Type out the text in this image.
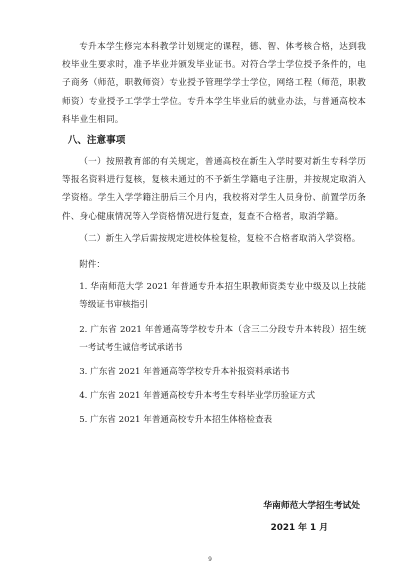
专升本学生修完本科教学计划规定的课程，德、智、体考核合格，达到我校毕业生要求时，准予毕业并颁发毕业证书。对符合学士学位授予条件的，电子商务（师范，职教师资）专业授予管理学学士学位，网络工程（师范，职教师资）专业授予工学学士学位。专升本学生毕业后的就业办法，与普通高校本科毕业生相同。

八、注意事项

（一）按照教育部的有关规定，普通高校在新生入学时要对新生专科学历等报名资料进行复核，复核未通过的不予新生学籍电子注册，并按规定取消入学资格。学生入学学籍注册后三个月内，我校将对学生人员身份、前置学历条件、身心健康情况等入学资格情况进行复查，复查不合格者，取消学籍。

（二）新生入学后需按规定进校体检复检，复检不合格者取消入学资格。

附件：

1. 华南师范大学 2021 年普通专升本招生职教师资类专业中级及以上技能等级证书审核指引

2. 广东省 2021 年普通高等学校专升本（含三二分段专升本转段）招生统一考试考生诚信考试承诺书

3. 广东省 2021 年普通高等学校专升本补报资料承诺书

4. 广东省 2021 年普通高校专升本考生专科毕业学历验证方式

5. 广东省 2021 年普通高校专升本招生体格检查表

华南师范大学招生考试处
2021 年 1 月
9
